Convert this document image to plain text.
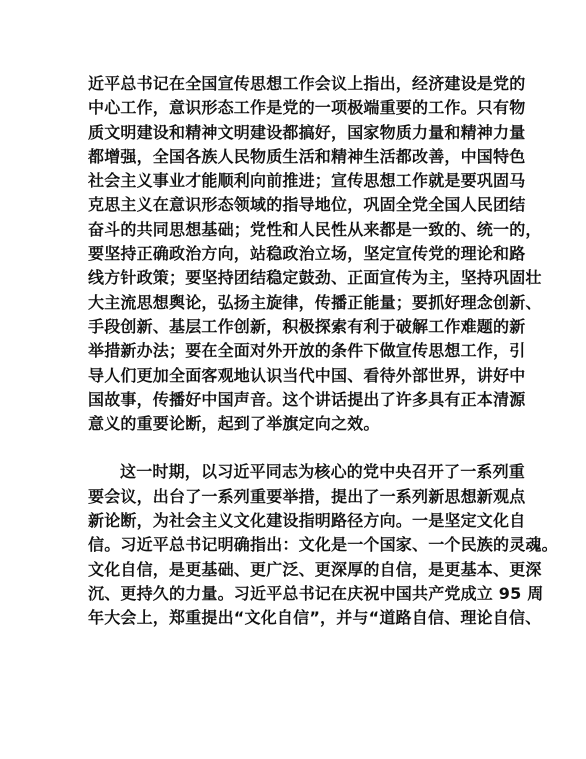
近平总书记在全国宣传思想工作会议上指出，经济建设是党的
中心工作，意识形态工作是党的一项极端重要的工作。只有物
质文明建设和精神文明建设都搞好，国家物质力量和精神力量
都增强，全国各族人民物质生活和精神生活都改善，中国特色
社会主义事业才能顺利向前推进；宣传思想工作就是要巩固马
克思主义在意识形态领域的指导地位，巩固全党全国人民团结
奋斗的共同思想基础；党性和人民性从来都是一致的、统一的，
要坚持正确政治方向，站稳政治立场，坚定宣传党的理论和路
线方针政策；要坚持团结稳定鼓劲、正面宣传为主，坚持巩固壮
大主流思想舆论，弘扬主旋律，传播正能量；要抓好理念创新、
手段创新、基层工作创新，积极探索有利于破解工作难题的新
举措新办法；要在全面对外开放的条件下做宣传思想工作，引
导人们更加全面客观地认识当代中国、看待外部世界，讲好中
国故事，传播好中国声音。这个讲话提出了许多具有正本清源
意义的重要论断，起到了举旗定向之效。
这一时期，以习近平同志为核心的党中央召开了一系列重
要会议，出台了一系列重要举措，提出了一系列新思想新观点
新论断，为社会主义文化建设指明路径方向。一是坚定文化自
信。习近平总书记明确指出：文化是一个国家、一个民族的灵魂。
文化自信，是更基础、更广泛、更深厚的自信，是更基本、更深
沉、更持久的力量。习近平总书记在庆祝中国共产党成立 95 周
年大会上，郑重提出“文化自信”，并与“道路自信、理论自信、
